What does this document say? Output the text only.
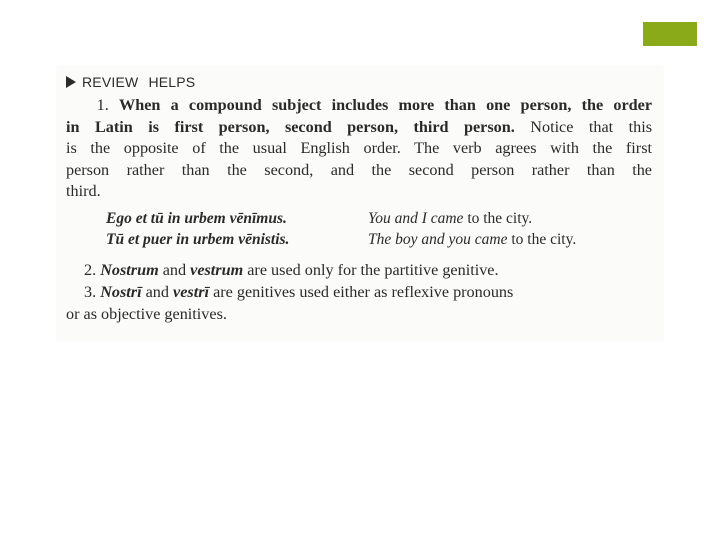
REVIEW HELPS
1. When a compound subject includes more than one person, the order
in Latin is first person, second person, third person. Notice that this
is the opposite of the usual English order. The verb agrees with the first
person rather than the second, and the second person rather than the
third.
Ego et tū in urbem vēnīmus.	You and I came to the city.
Tū et puer in urbem vēnistis.	The boy and you came to the city.
2. Nostrum and vestrum are used only for the partitive genitive.
3. Nostrī and vestrī are genitives used either as reflexive pronouns
or as objective genitives.
